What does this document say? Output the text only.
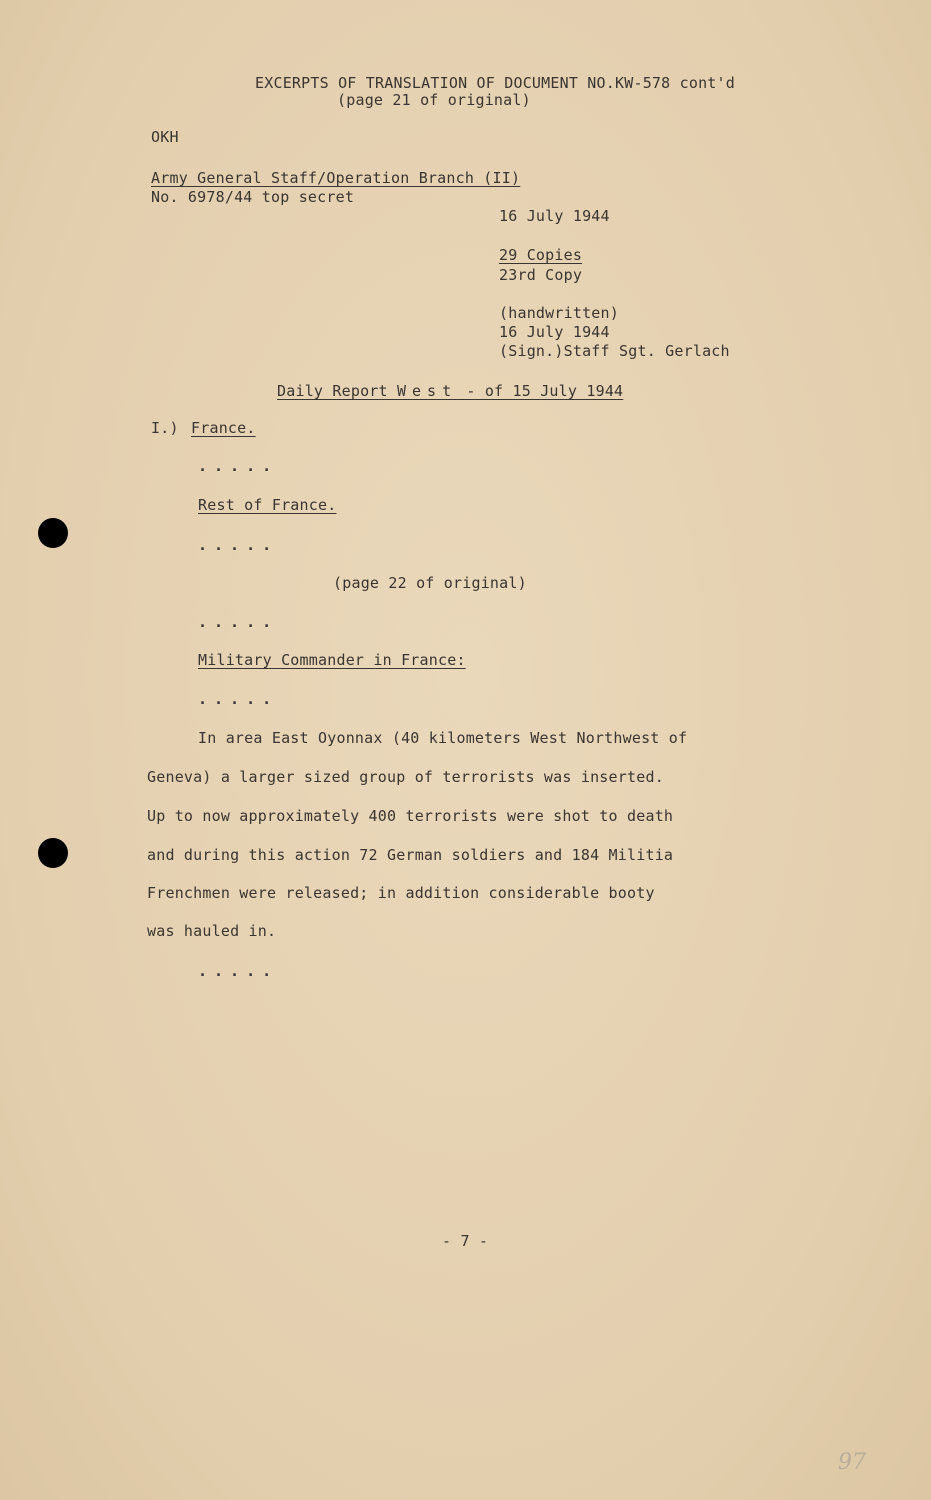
EXCERPTS OF TRANSLATION OF DOCUMENT NO.KW-578 cont'd
(page 21 of original)
OKH
Army General Staff/Operation Branch (II)
No. 6978/44 top secret
16 July 1944
29 Copies
23rd Copy
(handwritten)
16 July 1944
(Sign.)Staff Sgt. Gerlach
Daily Report West - of 15 July 1944
I.) France.
.....
Rest of France.
.....
(page 22 of original)
.....
Military Commander in France:
.....
In area East Oyonnax (40 kilometers West Northwest of
Geneva) a larger sized group of terrorists was inserted.
Up to now approximately 400 terrorists were shot to death
and during this action 72 German soldiers and 184 Militia
Frenchmen were released; in addition considerable booty
was hauled in.
.....
- 7 -
97
